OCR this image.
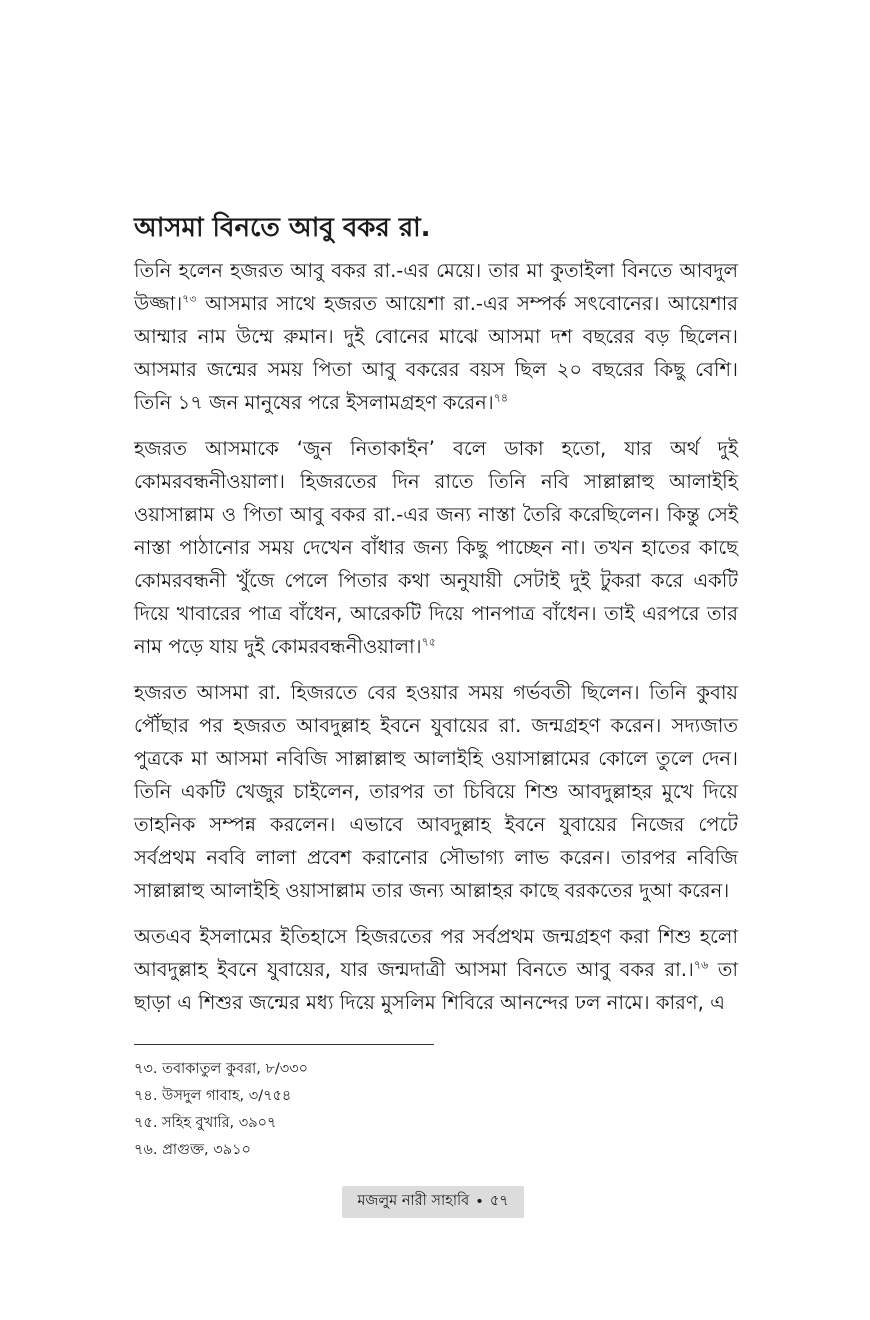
আসমা বিনতে আবু বকর রা.

তিনি হলেন হজরত আবু বকর রা.-এর মেয়ে। তার মা কুতাইলা বিনতে আবদুল উজ্জা।$^{৭৩}$ আসমার সাথে হজরত আয়েশা রা.-এর সম্পর্ক সৎবোনের। আয়েশার আম্মার নাম উম্মে রুমান। দুই বোনের মাঝে আসমা দশ বছরের বড় ছিলেন। আসমার জন্মের সময় পিতা আবু বকরের বয়স ছিল ২০ বছরের কিছু বেশি। তিনি ১৭ জন মানুষের পরে ইসলামগ্রহণ করেন।$^{৭৪}$

হজরত আসমাকে ‘জুন নিতাকাইন’ বলে ডাকা হতো, যার অর্থ দুই কোমরবন্ধনীওয়ালা। হিজরতের দিন রাতে তিনি নবি সাল্লাল্লাহু আলাইহি ওয়াসাল্লাম ও পিতা আবু বকর রা.-এর জন্য নাস্তা তৈরি করেছিলেন। কিন্তু সেই নাস্তা পাঠানোর সময় দেখেন বাঁধার জন্য কিছু পাচ্ছেন না। তখন হাতের কাছে কোমরবন্ধনী খুঁজে পেলে পিতার কথা অনুযায়ী সেটাই দুই টুকরা করে একটি দিয়ে খাবারের পাত্র বাঁধেন, আরেকটি দিয়ে পানপাত্র বাঁধেন। তাই এরপরে তার নাম পড়ে যায় দুই কোমরবন্ধনীওয়ালা।$^{৭৫}$

হজরত আসমা রা. হিজরতে বের হওয়ার সময় গর্ভবতী ছিলেন। তিনি কুবায় পৌঁছার পর হজরত আবদুল্লাহ ইবনে যুবায়ের রা. জন্মগ্রহণ করেন। সদ্যজাত পুত্রকে মা আসমা নবিজি সাল্লাল্লাহু আলাইহি ওয়াসাল্লামের কোলে তুলে দেন। তিনি একটি খেজুর চাইলেন, তারপর তা চিবিয়ে শিশু আবদুল্লাহর মুখে দিয়ে তাহনিক সম্পন্ন করলেন। এভাবে আবদুল্লাহ ইবনে যুবায়ের নিজের পেটে সর্বপ্রথম নববি লালা প্রবেশ করানোর সৌভাগ্য লাভ করেন। তারপর নবিজি সাল্লাল্লাহু আলাইহি ওয়াসাল্লাম তার জন্য আল্লাহর কাছে বরকতের দুআ করেন।

অতএব ইসলামের ইতিহাসে হিজরতের পর সর্বপ্রথম জন্মগ্রহণ করা শিশু হলো আবদুল্লাহ ইবনে যুবায়ের, যার জন্মদাত্রী আসমা বিনতে আবু বকর রা.।$^{৭৬}$ তা ছাড়া এ শিশুর জন্মের মধ্য দিয়ে মুসলিম শিবিরে আনন্দের ঢল নামে। কারণ, এ

৭৩. তবাকাতুল কুবরা, ৮/৩৩০
৭৪. উসদুল গাবাহ, ৩/৭৫৪
৭৫. সহিহ বুখারি, ৩৯০৭
৭৬. প্রাগুক্ত, ৩৯১০
মজলুম নারী সাহাবি • ৫৭
